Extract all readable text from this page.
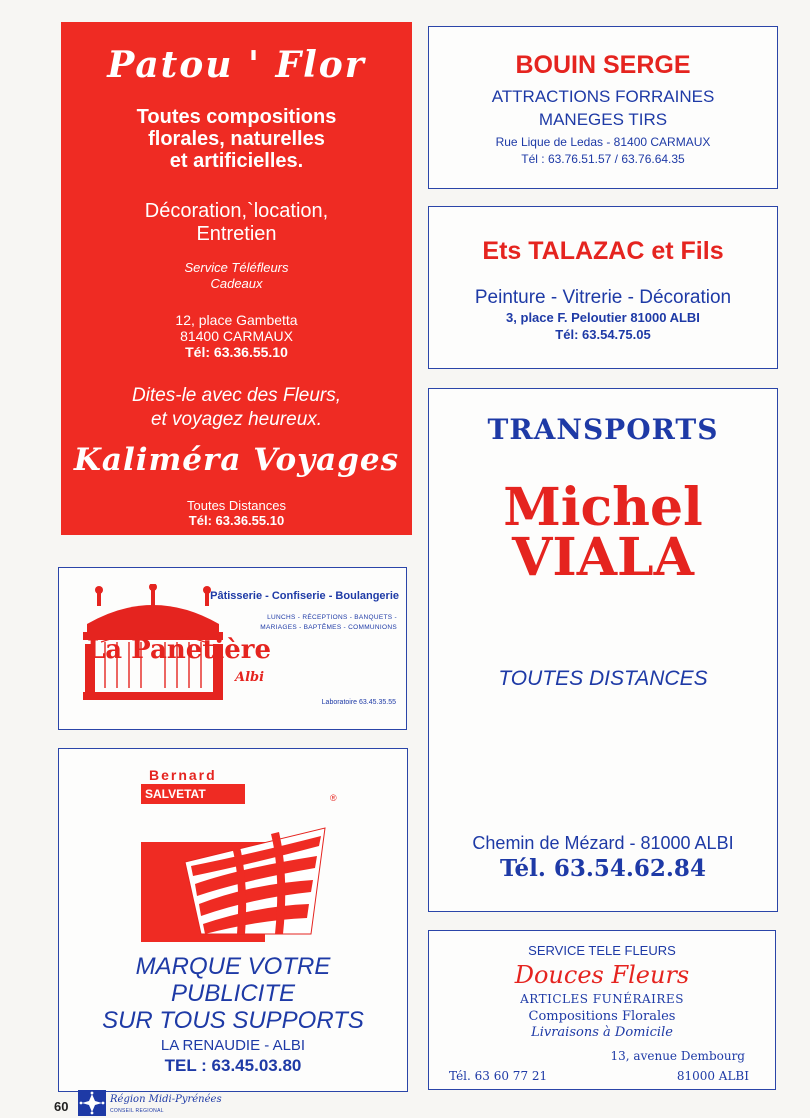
Patou ' Flor
Toutes compositions
florales, naturelles
et artificielles.
Décoration,`location,
Entretien
Service Téléfleurs
Cadeaux
12, place Gambetta
81400 CARMAUX
Tél: 63.36.55.10
Dites-le avec des Fleurs,
et voyagez heureux.
Kaliméra Voyages
Toutes Distances
Tél: 63.36.55.10
BOUIN SERGE
ATTRACTIONS FORRAINES
MANEGES TIRS
Rue Lique de Ledas - 81400 CARMAUX
Tél : 63.76.51.57 / 63.76.64.35
Ets TALAZAC et Fils
Peinture - Vitrerie - Décoration
3, place F. Peloutier 81000 ALBI
Tél: 63.54.75.05
TRANSPORTS
Michel
VIALA
TOUTES DISTANCES
Chemin de Mézard - 81000 ALBI
Tél. 63.54.62.84
SERVICE TELE FLEURS
Douces Fleurs
ARTICLES FUNÉRAIRES
Compositions Florales
Livraisons à Domicile
13, avenue Dembourg
Tél. 63 60 77 21	81000 ALBI
Pâtisserie - Confiserie - Boulangerie
LUNCHS - RÉCEPTIONS - BANQUETS -
MARIAGES - BAPTÊMES - COMMUNIONS
La Panetière
Albi
Laboratoire 63.45.35.55
Bernard
SALVETAT	®
MARQUE VOTRE
PUBLICITE
SUR TOUS SUPPORTS
LA RENAUDIE - ALBI
TEL : 63.45.03.80
60	Région Midi-Pyrénées
CONSEIL REGIONAL
